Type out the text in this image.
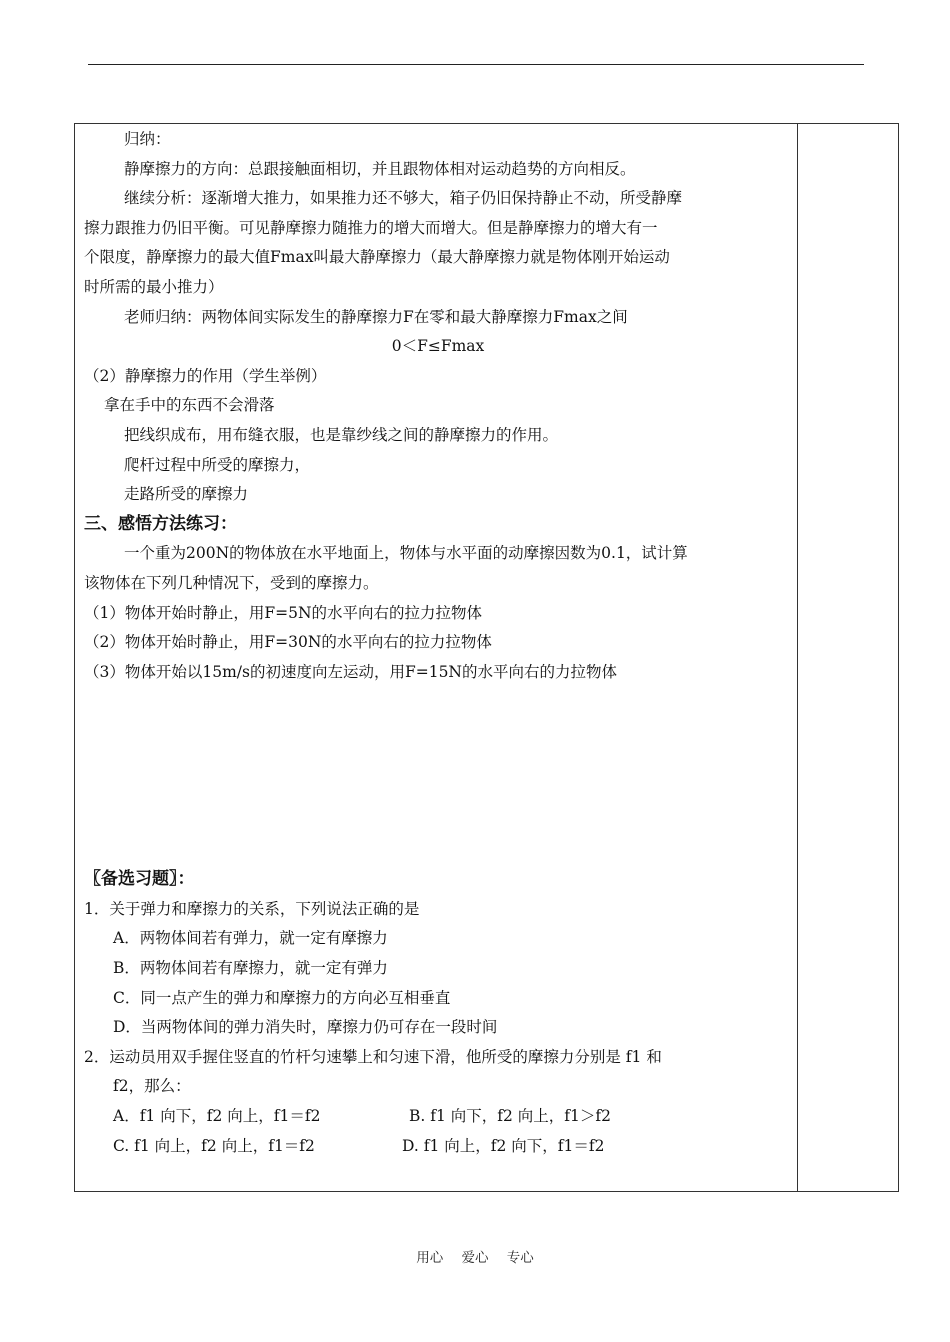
归纳：
静摩擦力的方向：总跟接触面相切，并且跟物体相对运动趋势的方向相反。
继续分析：逐渐增大推力，如果推力还不够大，箱子仍旧保持静止不动，所受静摩
擦力跟推力仍旧平衡。可见静摩擦力随推力的增大而增大。但是静摩擦力的增大有一
个限度，静摩擦力的最大值Fmax叫最大静摩擦力（最大静摩擦力就是物体刚开始运动
时所需的最小推力）
老师归纳：两物体间实际发生的静摩擦力F在零和最大静摩擦力Fmax之间
0＜F≤Fmax
（2）静摩擦力的作用（学生举例）
拿在手中的东西不会滑落
把线织成布，用布缝衣服，也是靠纱线之间的静摩擦力的作用。
爬杆过程中所受的摩擦力，
走路所受的摩擦力
三、感悟方法练习：
一个重为200N的物体放在水平地面上，物体与水平面的动摩擦因数为0.1，试计算
该物体在下列几种情况下，受到的摩擦力。
（1）物体开始时静止，用F=5N的水平向右的拉力拉物体
（2）物体开始时静止，用F=30N的水平向右的拉力拉物体
（3）物体开始以15m/s的初速度向左运动，用F=15N的水平向右的力拉物体
〖备选习题〗：
1．关于弹力和摩擦力的关系，下列说法正确的是
A．两物体间若有弹力，就一定有摩擦力
B．两物体间若有摩擦力，就一定有弹力
C．同一点产生的弹力和摩擦力的方向必互相垂直
D．当两物体间的弹力消失时，摩擦力仍可存在一段时间
2．运动员用双手握住竖直的竹杆匀速攀上和匀速下滑，他所受的摩擦力分别是 f1 和
f2，那么：
A．f1 向下，f2 向上，f1＝f2	B. f1 向下，f2 向上，f1＞f2
C. f1 向上，f2 向上，f1＝f2	D. f1 向上，f2 向下，f1＝f2
用心 爱心 专心
